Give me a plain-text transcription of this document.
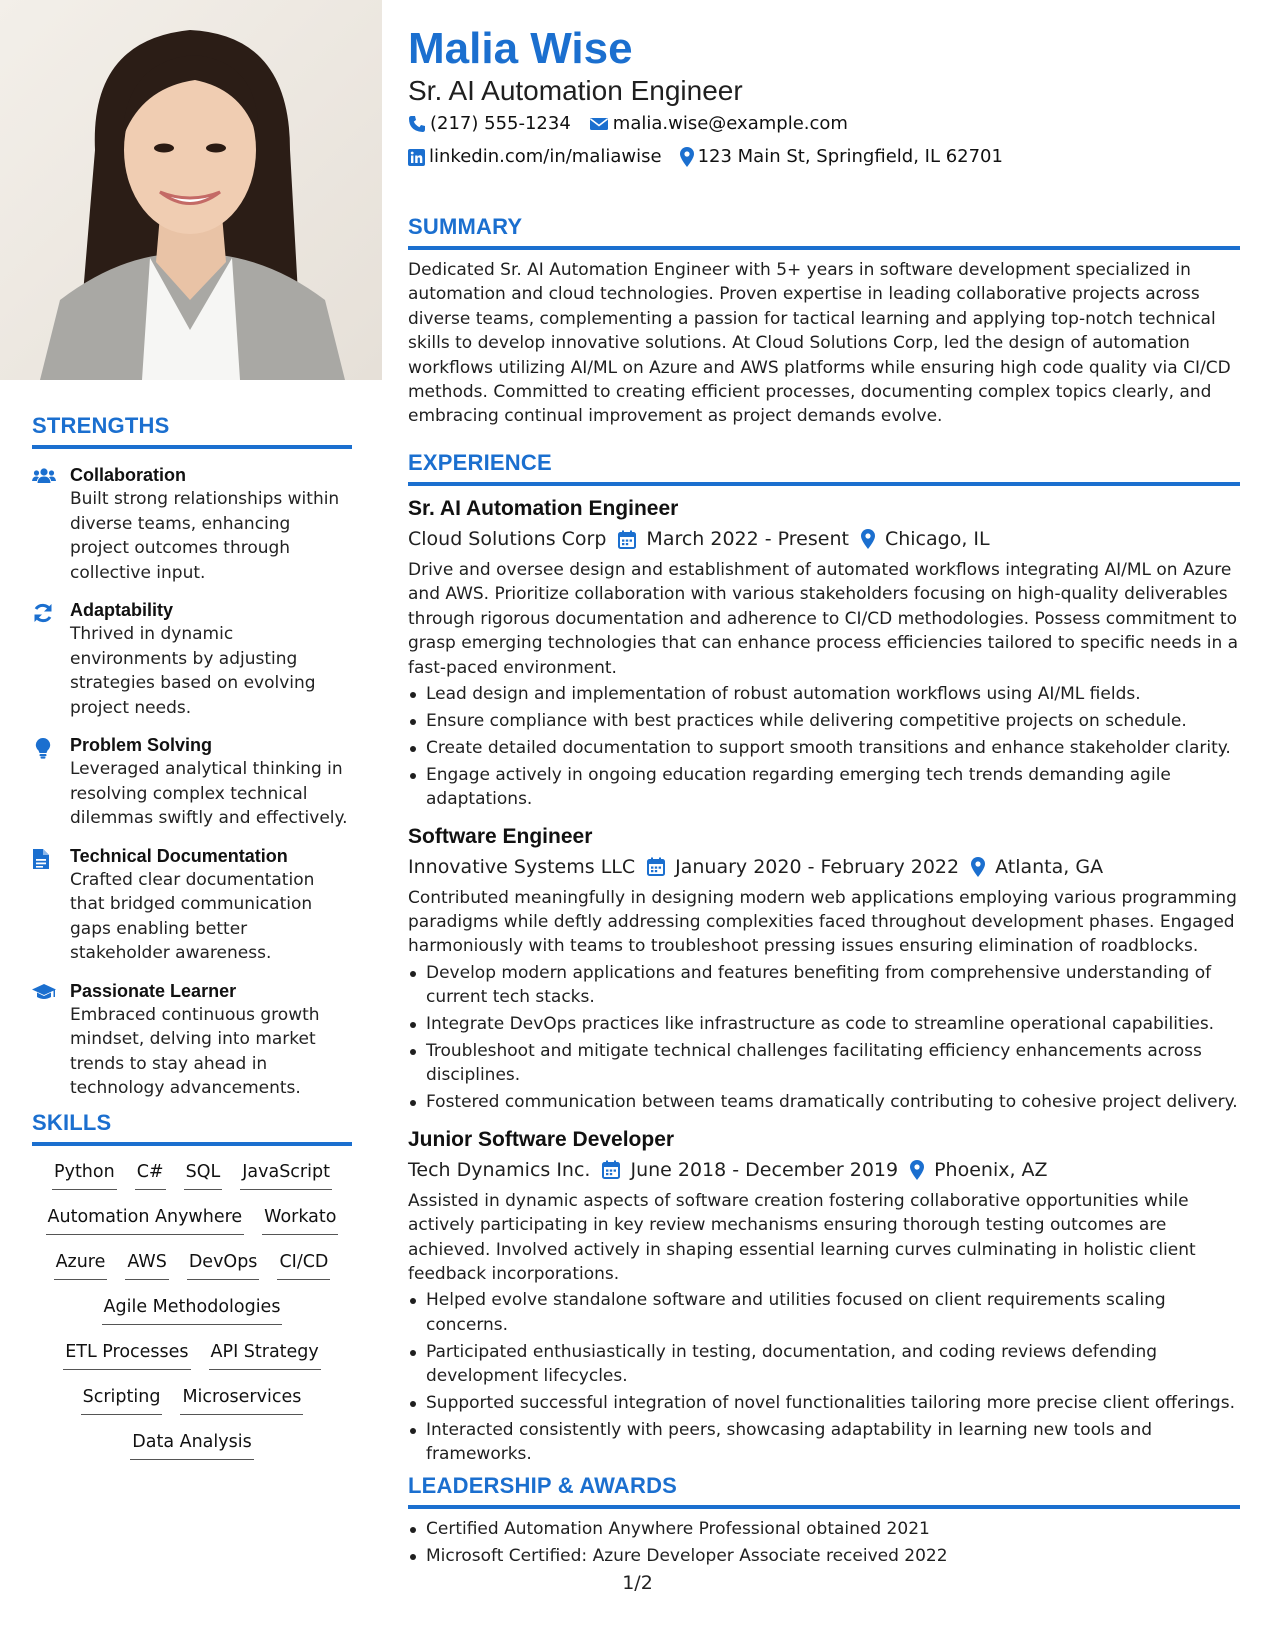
STRENGTHS
Collaboration
Built strong relationships within diverse teams, enhancing project outcomes through collective input.
Adaptability
Thrived in dynamic environments by adjusting strategies based on evolving project needs.
Problem Solving
Leveraged analytical thinking in resolving complex technical dilemmas swiftly and effectively.
Technical Documentation
Crafted clear documentation that bridged communication gaps enabling better stakeholder awareness.
Passionate Learner
Embraced continuous growth mindset, delving into market trends to stay ahead in technology advancements.
SKILLS
Python C# SQL JavaScript
Automation Anywhere Workato
Azure AWS DevOps CI/CD
Agile Methodologies
ETL Processes API Strategy
Scripting Microservices
Data Analysis
Malia Wise
Sr. AI Automation Engineer
(217) 555-1234 malia.wise@example.com
linkedin.com/in/maliawise 123 Main St, Springfield, IL 62701
SUMMARY
Dedicated Sr. AI Automation Engineer with 5+ years in software development specialized in automation and cloud technologies. Proven expertise in leading collaborative projects across diverse teams, complementing a passion for tactical learning and applying top-notch technical skills to develop innovative solutions. At Cloud Solutions Corp, led the design of automation workflows utilizing AI/ML on Azure and AWS platforms while ensuring high code quality via CI/CD methods. Committed to creating efficient processes, documenting complex topics clearly, and embracing continual improvement as project demands evolve.
EXPERIENCE
Sr. AI Automation Engineer
Cloud Solutions Corp March 2022 - Present Chicago, IL
Drive and oversee design and establishment of automated workflows integrating AI/ML on Azure and AWS. Prioritize collaboration with various stakeholders focusing on high-quality deliverables through rigorous documentation and adherence to CI/CD methodologies. Possess commitment to grasp emerging technologies that can enhance process efficiencies tailored to specific needs in a fast-paced environment.
Lead design and implementation of robust automation workflows using AI/ML fields.
Ensure compliance with best practices while delivering competitive projects on schedule.
Create detailed documentation to support smooth transitions and enhance stakeholder clarity.
Engage actively in ongoing education regarding emerging tech trends demanding agile adaptations.
Software Engineer
Innovative Systems LLC January 2020 - February 2022 Atlanta, GA
Contributed meaningfully in designing modern web applications employing various programming paradigms while deftly addressing complexities faced throughout development phases. Engaged harmoniously with teams to troubleshoot pressing issues ensuring elimination of roadblocks.
Develop modern applications and features benefiting from comprehensive understanding of current tech stacks.
Integrate DevOps practices like infrastructure as code to streamline operational capabilities.
Troubleshoot and mitigate technical challenges facilitating efficiency enhancements across disciplines.
Fostered communication between teams dramatically contributing to cohesive project delivery.
Junior Software Developer
Tech Dynamics Inc. June 2018 - December 2019 Phoenix, AZ
Assisted in dynamic aspects of software creation fostering collaborative opportunities while actively participating in key review mechanisms ensuring thorough testing outcomes are achieved. Involved actively in shaping essential learning curves culminating in holistic client feedback incorporations.
Helped evolve standalone software and utilities focused on client requirements scaling concerns.
Participated enthusiastically in testing, documentation, and coding reviews defending development lifecycles.
Supported successful integration of novel functionalities tailoring more precise client offerings.
Interacted consistently with peers, showcasing adaptability in learning new tools and frameworks.
LEADERSHIP & AWARDS
Certified Automation Anywhere Professional obtained 2021
Microsoft Certified: Azure Developer Associate received 2022
1/2
